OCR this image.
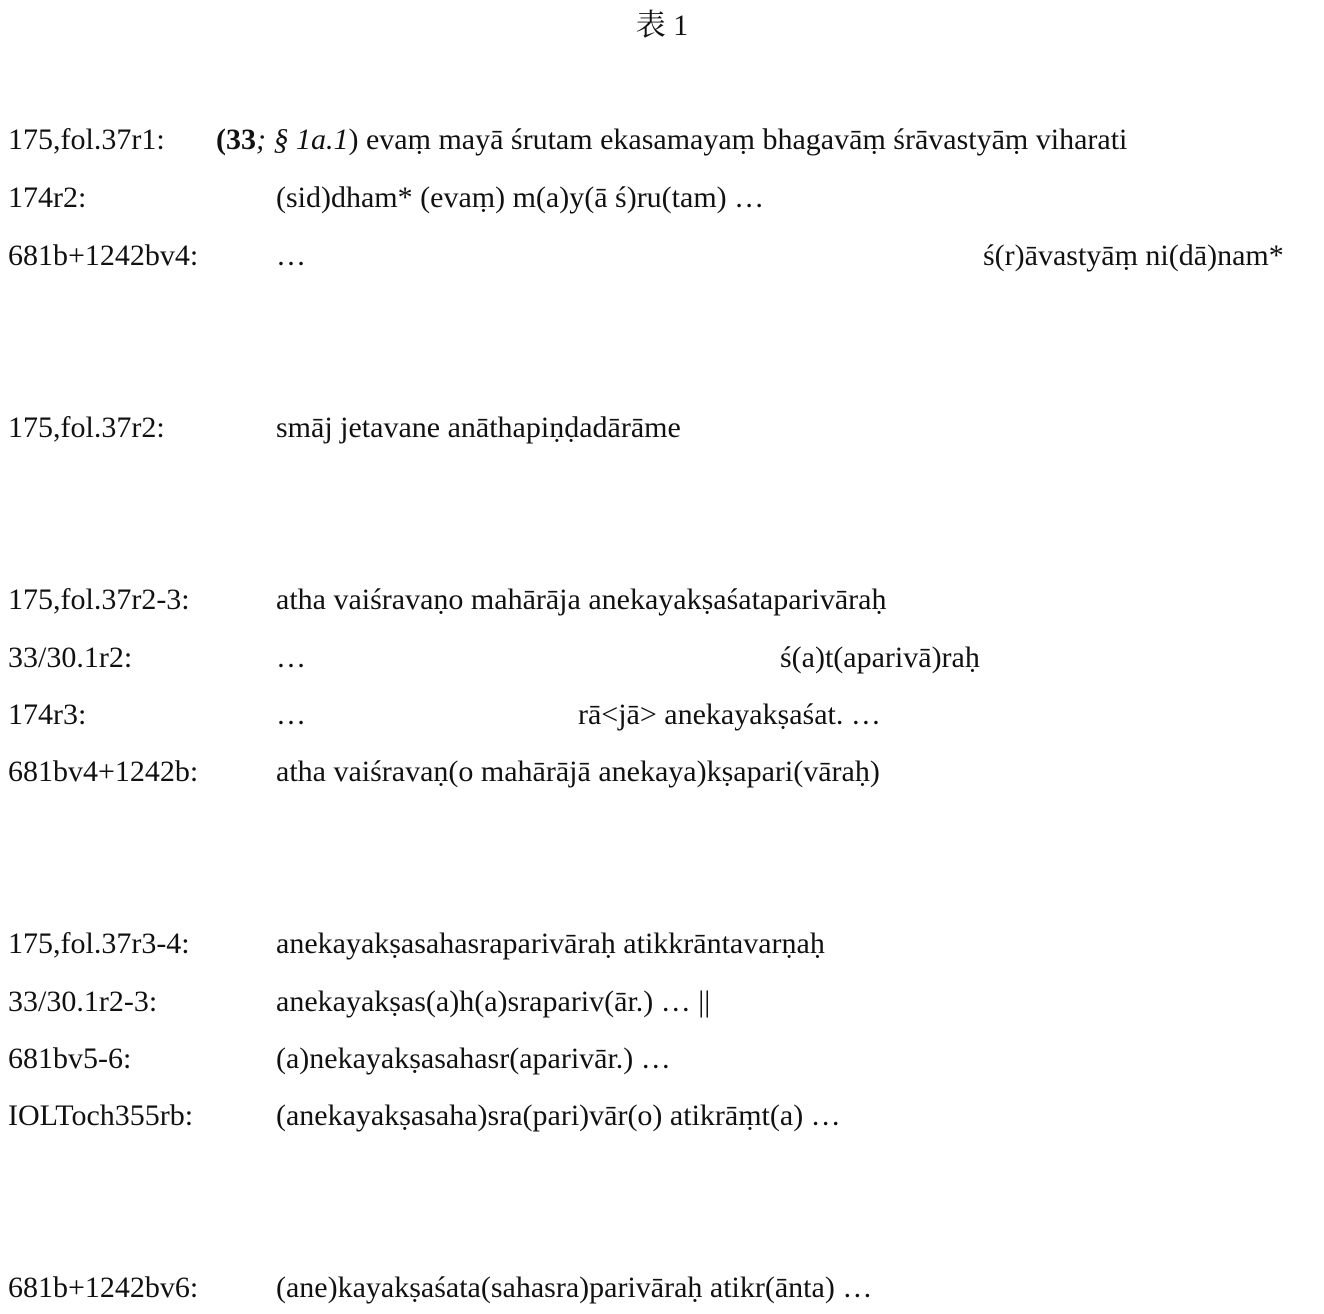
表 1
175,fol.37r1: (33; § 1a.1) evaṃ mayā śrutam ekasamayaṃ bhagavāṃ śrāvastyāṃ viharati
174r2:	(sid)dham* (evaṃ) m(a)y(ā ś)ru(tam) …
681b+1242bv4:	…	ś(r)āvastyāṃ ni(dā)nam*
175,fol.37r2:	smāj jetavane anāthapiṇḍadārāme
175,fol.37r2-3:	atha vaiśravaṇo mahārāja anekayakṣaśataparivāraḥ
33/30.1r2:	…	ś(a)t(aparivā)raḥ
174r3:	…	rā<jā> anekayakṣaśat. …
681bv4+1242b:	atha vaiśravaṇ(o mahārājā anekaya)kṣapari(vāraḥ)
175,fol.37r3-4:	anekayakṣasahasraparivāraḥ atikkrāntavarṇaḥ
33/30.1r2-3:	anekayakṣas(a)h(a)srapariv(ār.) … ||
681bv5-6:	(a)nekayakṣasahasr(aparivār.) …
IOLToch355rb:	(anekayakṣasaha)sra(pari)vār(o) atikrāṃt(a) …
681b+1242bv6:	(ane)kayakṣaśata(sahasra)parivāraḥ atikr(ānta) …
